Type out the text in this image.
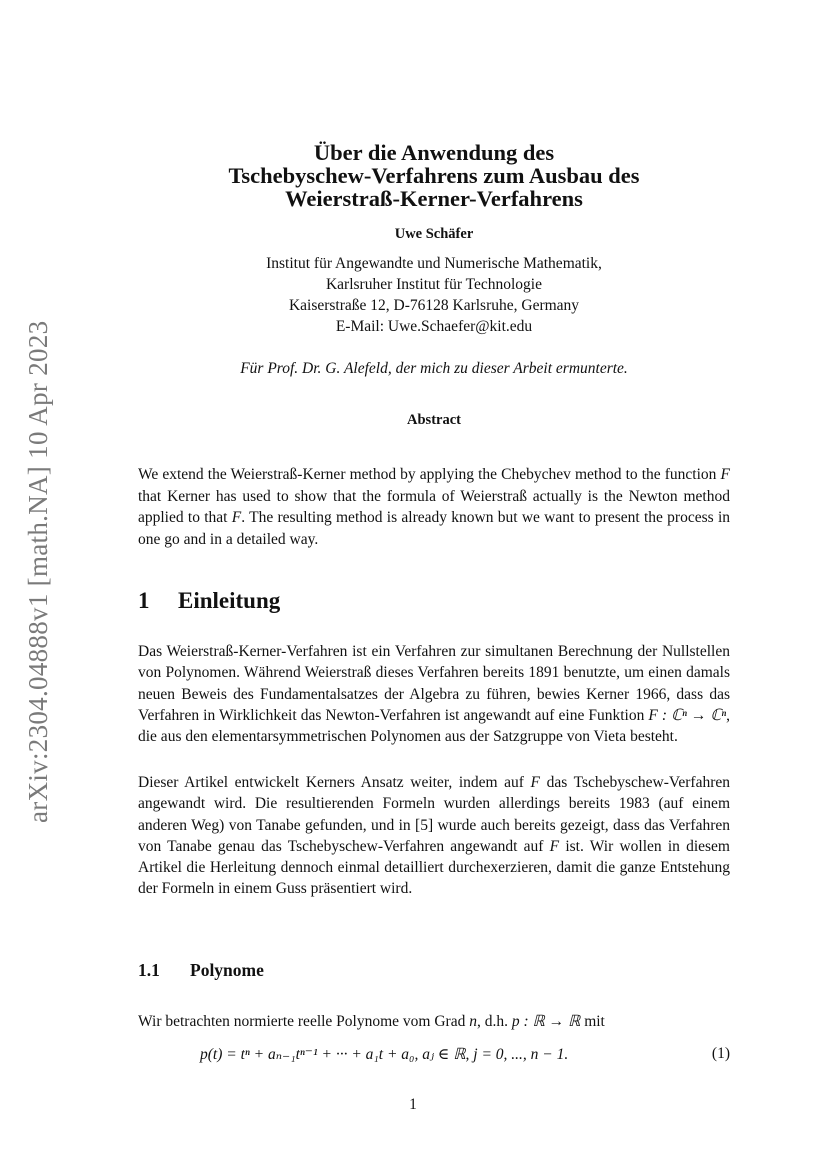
arXiv:2304.04888v1 [math.NA] 10 Apr 2023
Über die Anwendung des
Tschebyschew-Verfahrens zum Ausbau des
Weierstraß-Kerner-Verfahrens
Uwe Schäfer
Institut für Angewandte und Numerische Mathematik,
Karlsruher Institut für Technologie
Kaiserstraße 12, D-76128 Karlsruhe, Germany
E-Mail: Uwe.Schaefer@kit.edu
Für Prof. Dr. G. Alefeld, der mich zu dieser Arbeit ermunterte.
Abstract

We extend the Weierstraß-Kerner method by applying the Chebychev method to the function F that Kerner has used to show that the formula of Weierstraß actually is the Newton method applied to that F. The resulting method is already known but we want to present the process in one go and in a detailed way.

1 Einleitung

Das Weierstraß-Kerner-Verfahren ist ein Verfahren zur simultanen Berechnung der Nullstellen von Polynomen. Während Weierstraß dieses Verfahren bereits 1891 benutzte, um einen damals neuen Beweis des Fundamentalsatzes der Algebra zu führen, bewies Kerner 1966, dass das Verfahren in Wirklichkeit das Newton-Verfahren ist angewandt auf eine Funktion F : ℂⁿ → ℂⁿ, die aus den elementarsymmetrischen Polynomen aus der Satzgruppe von Vieta besteht.

Dieser Artikel entwickelt Kerners Ansatz weiter, indem auf F das Tschebyschew-Verfahren angewandt wird. Die resultierenden Formeln wurden allerdings bereits 1983 (auf einem anderen Weg) von Tanabe gefunden, und in [5] wurde auch bereits gezeigt, dass das Verfahren von Tanabe genau das Tschebyschew-Verfahren angewandt auf F ist. Wir wollen in diesem Artikel die Herleitung dennoch einmal detailliert durchexerzieren, damit die ganze Entstehung der Formeln in einem Guss präsentiert wird.

1.1 Polynome

Wir betrachten normierte reelle Polynome vom Grad n, d.h. p : ℝ → ℝ mit

p(t) = tⁿ + aₙ₋₁tⁿ⁻¹ + ··· + a₁t + a₀, aⱼ ∈ ℝ, j = 0, ..., n − 1.	(1)
1
